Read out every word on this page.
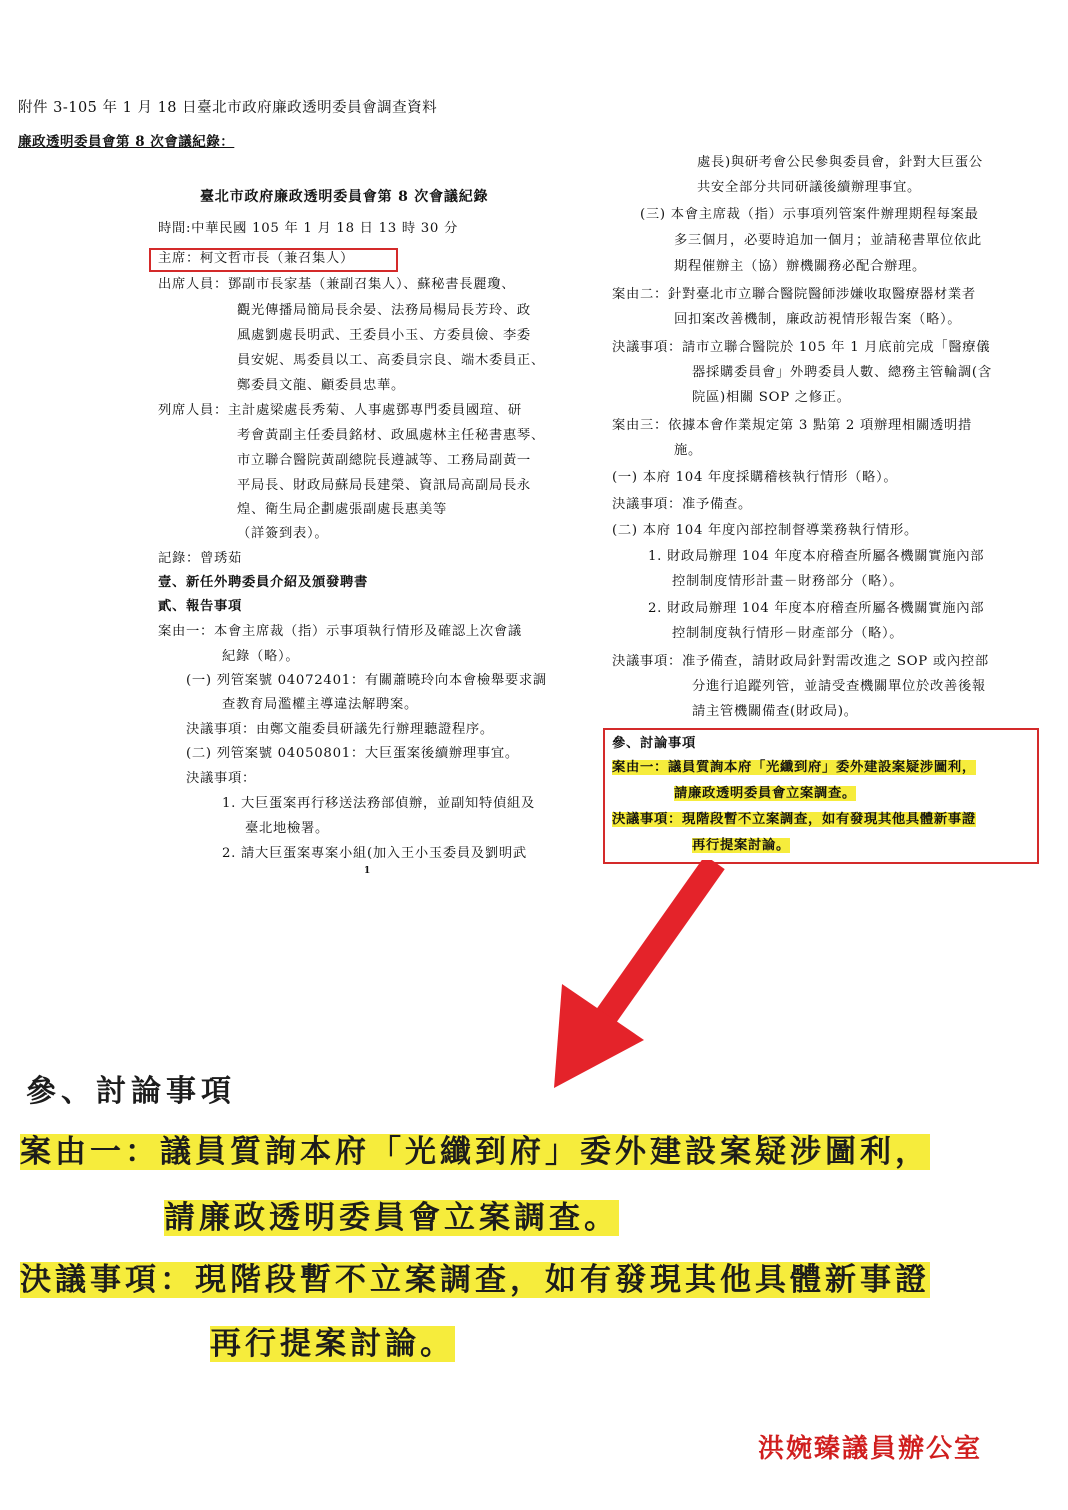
附件 3-105 年 1 月 18 日臺北市政府廉政透明委員會調查資料
廉政透明委員會第 8 次會議紀錄：
臺北市政府廉政透明委員會第 8 次會議紀錄
時間:中華民國 105 年 1 月 18 日 13 時 30 分
主席：柯文哲市長（兼召集人）
出席人員：鄧副市長家基（兼副召集人）、蘇秘書長麗瓊、
觀光傳播局簡局長余晏、法務局楊局長芳玲、政
風處劉處長明武、王委員小玉、方委員儉、李委
員安妮、馬委員以工、高委員宗良、端木委員正、
鄭委員文龍、顧委員忠華。
列席人員：主計處梁處長秀菊、人事處鄧專門委員國瑄、研
考會黃副主任委員銘材、政風處林主任秘書惠琴、
市立聯合醫院黃副總院長遵誠等、工務局副黃一
平局長、財政局蘇局長建榮、資訊局高副局長永
煌、衛生局企劃處張副處長惠美等
（詳簽到表）。
記錄：曾琇茹
壹、新任外聘委員介紹及頒發聘書
貳、報告事項
案由一：本會主席裁（指）示事項執行情形及確認上次會議
紀錄（略）。
(一) 列管案號 04072401：有關蕭曉玲向本會檢舉要求調
查教育局濫權主導違法解聘案。
決議事項：由鄭文龍委員研議先行辦理聽證程序。
(二) 列管案號 04050801：大巨蛋案後續辦理事宜。
決議事項：
1. 大巨蛋案再行移送法務部偵辦，並副知特偵組及
臺北地檢署。
2. 請大巨蛋案專案小組(加入王小玉委員及劉明武
1
處長)與研考會公民參與委員會，針對大巨蛋公
共安全部分共同研議後續辦理事宜。
(三) 本會主席裁（指）示事項列管案件辦理期程每案最
多三個月，必要時追加一個月；並請秘書單位依此
期程催辦主（協）辦機關務必配合辦理。
案由二：針對臺北市立聯合醫院醫師涉嫌收取醫療器材業者
回扣案改善機制，廉政訪視情形報告案（略）。
決議事項：請市立聯合醫院於 105 年 1 月底前完成「醫療儀
器採購委員會」外聘委員人數、總務主管輪調(含
院區)相關 SOP 之修正。
案由三：依據本會作業規定第 3 點第 2 項辦理相關透明措
施。
(一) 本府 104 年度採購稽核執行情形（略）。
決議事項：准予備查。
(二) 本府 104 年度內部控制督導業務執行情形。
1. 財政局辦理 104 年度本府稽查所屬各機關實施內部
控制制度情形計畫－財務部分（略）。
2. 財政局辦理 104 年度本府稽查所屬各機關實施內部
控制制度執行情形－財產部分（略）。
決議事項：准予備查，請財政局針對需改進之 SOP 或內控部
分進行追蹤列管，並請受查機關單位於改善後報
請主管機關備查(財政局)。
參、討論事項
案由一：議員質詢本府「光纖到府」委外建設案疑涉圖利，
請廉政透明委員會立案調查。
決議事項：現階段暫不立案調查，如有發現其他具體新事證
再行提案討論。
參、討論事項
案由一：議員質詢本府「光纖到府」委外建設案疑涉圖利，
請廉政透明委員會立案調查。
決議事項：現階段暫不立案調查，如有發現其他具體新事證
再行提案討論。
洪婉臻議員辦公室
